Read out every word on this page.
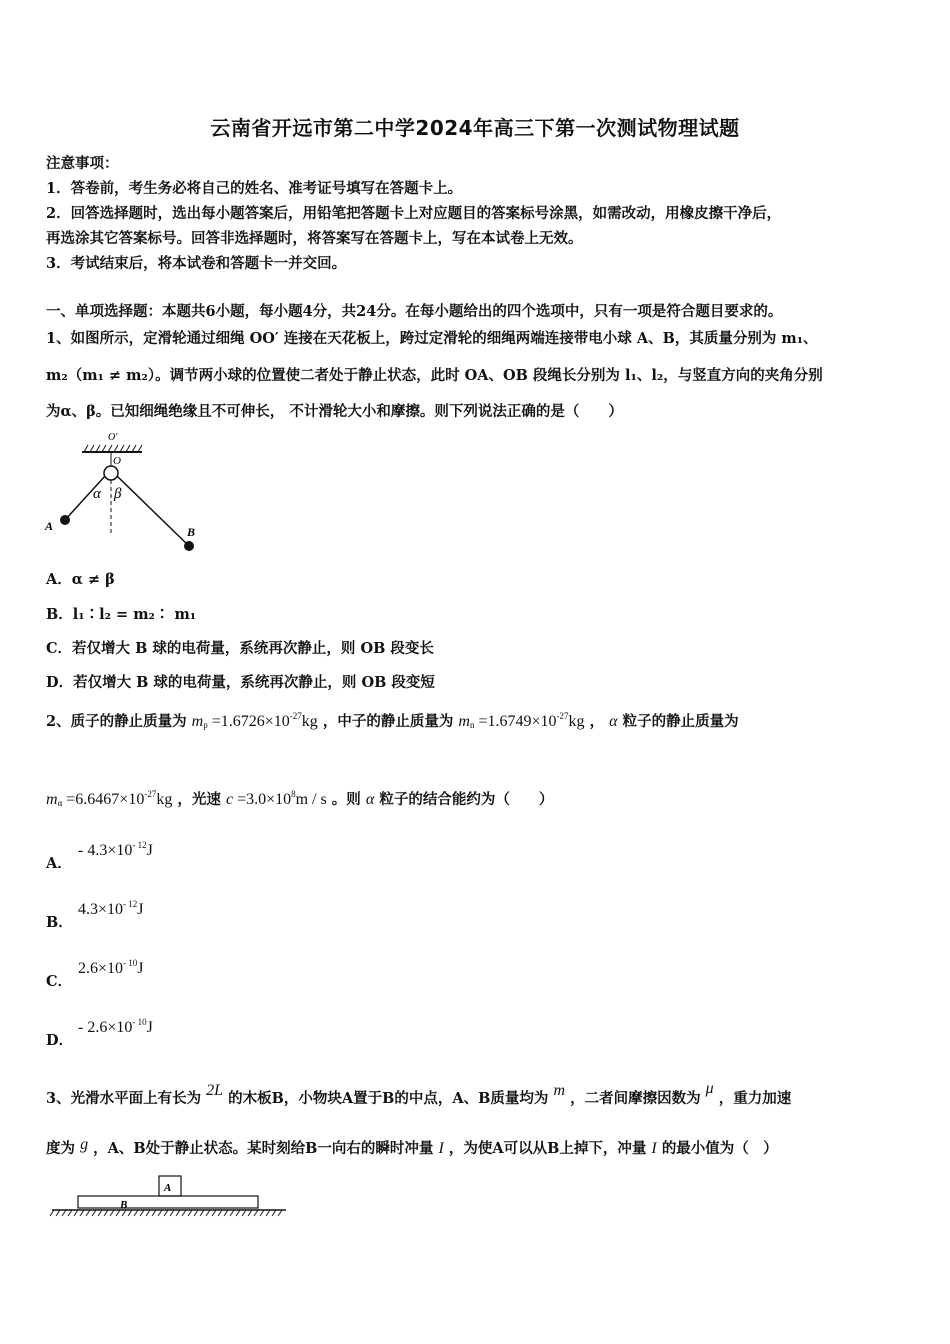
云南省开远市第二中学2024年高三下第一次测试物理试题
注意事项：
1．答卷前，考生务必将自己的姓名、准考证号填写在答题卡上。
2．回答选择题时，选出每小题答案后，用铅笔把答题卡上对应题目的答案标号涂黑，如需改动，用橡皮擦干净后，
再选涂其它答案标号。回答非选择题时，将答案写在答题卡上，写在本试卷上无效。
3．考试结束后，将本试卷和答题卡一并交回。
一、单项选择题：本题共6小题，每小题4分，共24分。在每小题给出的四个选项中，只有一项是符合题目要求的。
1、如图所示，定滑轮通过细绳 OO′ 连接在天花板上，跨过定滑轮的细绳两端连接带电小球 A、B，其质量分别为 m₁、
m₂（m₁ ≠ m₂）。调节两小球的位置使二者处于静止状态，此时 OA、OB 段绳长分别为 l₁、l₂，与竖直方向的夹角分别
为α、β。已知细绳绝缘且不可伸长， 不计滑轮大小和摩擦。则下列说法正确的是（　　）
O′
O
α β
A	B
A．α ≠ β
B．l₁∶l₂ = m₂∶ m₁
C．若仅增大 B 球的电荷量，系统再次静止，则 OB 段变长
D．若仅增大 B 球的电荷量，系统再次静止，则 OB 段变短
2、质子的静止质量为 $m_p =1.6726\times 10^{-27}kg$ ，中子的静止质量为 $m_n =1.6749\times 10^{-27}kg$ ， α 粒子的静止质量为
$m_\alpha =6.6467\times 10^{-27}kg$ ，光速 $c =3.0\times 10^8m / s$ 。则 α 粒子的结合能约为（　　）
A．
- $4.3\times 10^{- 12}J$
B．
$4.3\times 10^{- 12}J$
C．
$2.6\times 10^{- 10}J$
D．
- $2.6\times 10^{- 10}J$
3、光滑水平面上有长为 2L 的木板B，小物块A置于B的中点，A、B质量均为 m ，二者间摩擦因数为 μ ，重力加速
度为 g ，A、B处于静止状态。某时刻给B一向右的瞬时冲量 I ，为使A可以从B上掉下，冲量 I 的最小值为（　）
A
B
